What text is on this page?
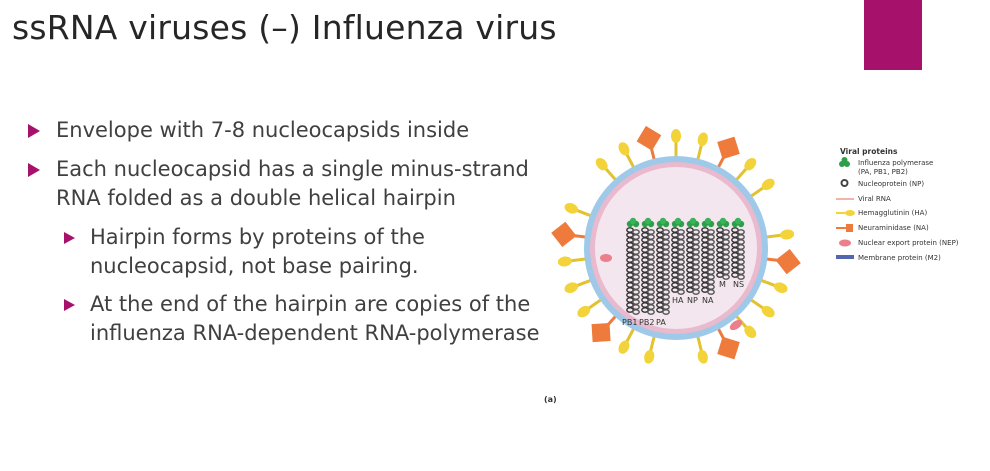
ssRNA viruses (–) Influenza virus
Envelope with 7-8 nucleocapsids inside
Each nucleocapsid has a single minus-strand RNA folded as a double helical hairpin
Hairpin forms by proteins of the nucleocapsid, not base pairing.
At the end of the hairpin are copies of the influenza RNA-dependent RNA-polymerase	PB1 PB2 PA
HA NP NA
M NS
(a)
Viral proteins
Influenza polymerase
(PA, PB1, PB2)
Nucleoprotein (NP)
Viral RNA
Hemagglutinin (HA)
Neuraminidase (NA)
Nuclear export protein (NEP)
Membrane protein (M2)
